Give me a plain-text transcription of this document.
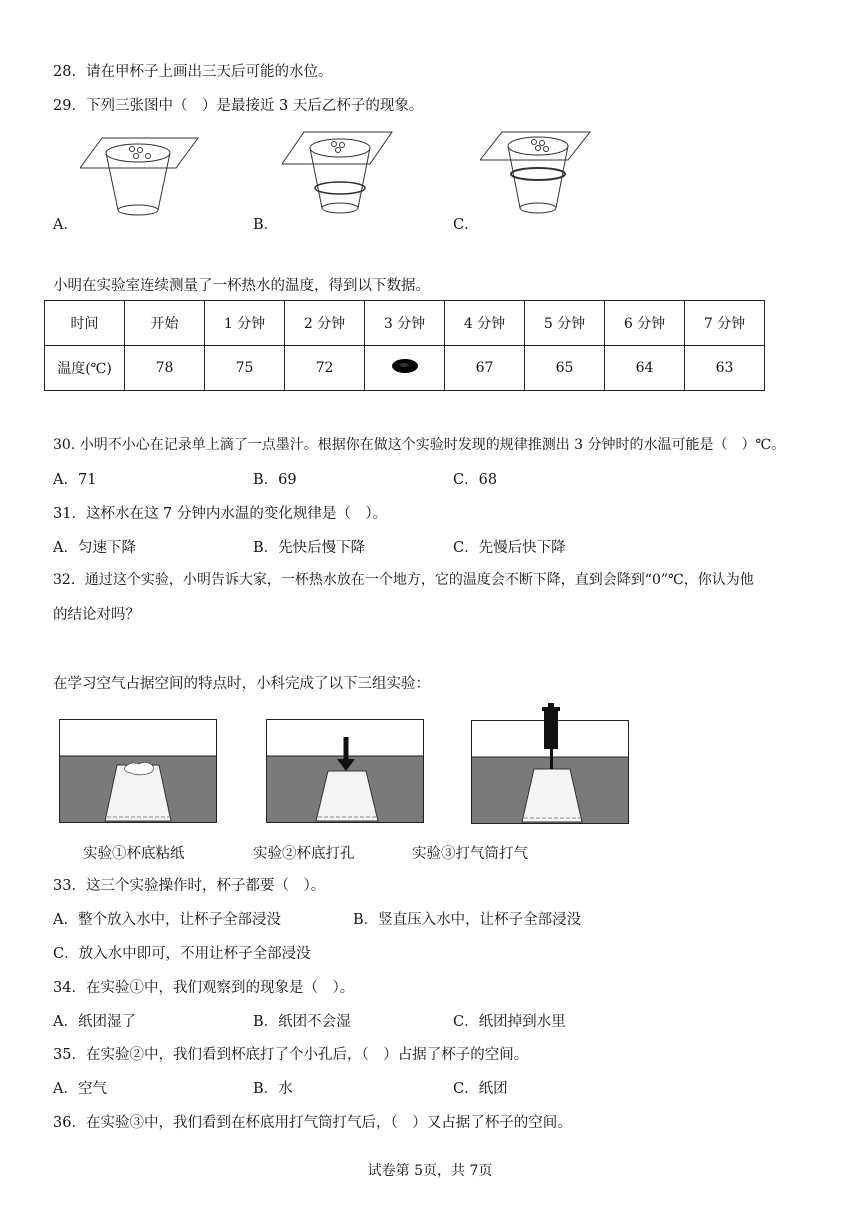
28．请在甲杯子上画出三天后可能的水位。
29．下列三张图中（　）是最接近 3 天后乙杯子的现象。
A．	B．	C．
小明在实验室连续测量了一杯热水的温度，得到以下数据。
时间	开始	1 分钟	2 分钟	3 分钟	4 分钟	5 分钟	6 分钟	7 分钟
温度(℃)	78	75	72		67	65	64	63
30. 小明不小心在记录单上滴了一点墨汁。根据你在做这个实验时发现的规律推测出 3 分钟时的水温可能是（　）℃。
A．71	B．69	C．68
31．这杯水在这 7 分钟内水温的变化规律是（　）。
A．匀速下降	B．先快后慢下降	C．先慢后快下降
32．通过这个实验，小明告诉大家，一杯热水放在一个地方，它的温度会不断下降，直到会降到“0”℃，你认为他
的结论对吗？
在学习空气占据空间的特点时，小科完成了以下三组实验：
实验①杯底粘纸	实验②杯底打孔	实验③打气筒打气
33．这三个实验操作时，杯子都要（　）。
A．整个放入水中，让杯子全部浸没	B．竖直压入水中，让杯子全部浸没
C．放入水中即可，不用让杯子全部浸没
34．在实验①中，我们观察到的现象是（　）。
A．纸团湿了	B．纸团不会湿	C．纸团掉到水里
35．在实验②中，我们看到杯底打了个小孔后，（　）占据了杯子的空间。
A．空气	B．水	C．纸团
36．在实验③中，我们看到在杯底用打气筒打气后，（　）又占据了杯子的空间。
试卷第 5页，共 7页
